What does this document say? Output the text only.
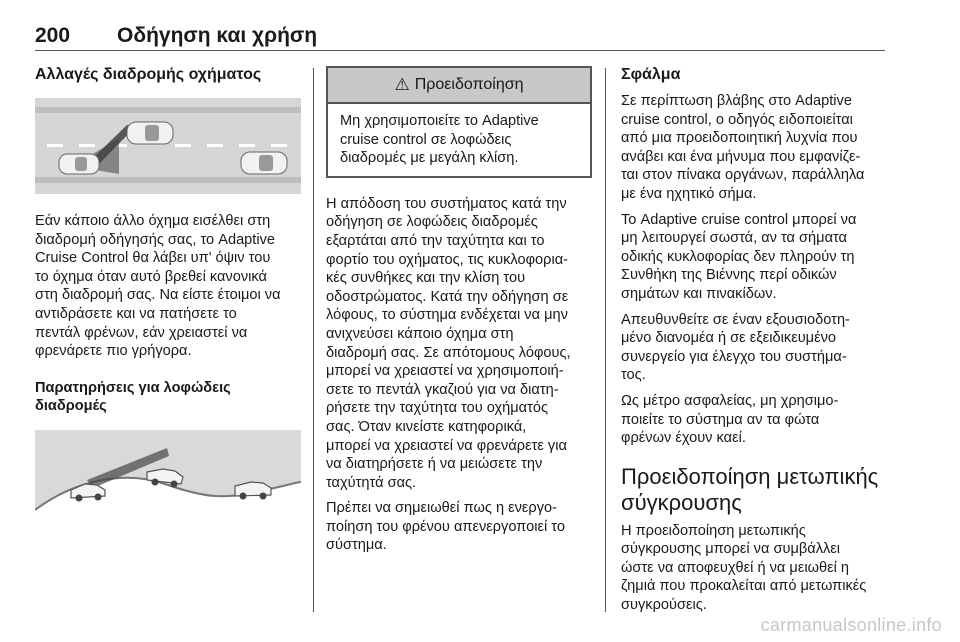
200 Οδήγηση και χρήση
Αλλαγές διαδρομής οχήματος

Εάν κάποιο άλλο όχημα εισέλθει στη
διαδρομή οδήγησής σας, το Adaptive
Cruise Control θα λάβει υπ' όψιν του
το όχημα όταν αυτό βρεθεί κανονικά
στη διαδρομή σας. Να είστε έτοιμοι να
αντιδράσετε και να πατήσετε το
πεντάλ φρένων, εάν χρειαστεί να
φρενάρετε πιο γρήγορα.

Παρατηρήσεις για λοφώδεις
διαδρομές

⚠ Προειδοποίηση
Μη χρησιμοποιείτε το Adaptive
cruise control σε λοφώδεις
διαδρομές με μεγάλη κλίση.

Η απόδοση του συστήματος κατά την
οδήγηση σε λοφώδεις διαδρομές
εξαρτάται από την ταχύτητα και το
φορτίο του οχήματος, τις κυκλοφορια-
κές συνθήκες και την κλίση του
οδοστρώματος. Κατά την οδήγηση σε
λόφους, το σύστημα ενδέχεται να μην
ανιχνεύσει κάποιο όχημα στη
διαδρομή σας. Σε απότομους λόφους,
μπορεί να χρειαστεί να χρησιμοποιή-
σετε το πεντάλ γκαζιού για να διατη-
ρήσετε την ταχύτητα του οχήματός
σας. Όταν κινείστε κατηφορικά,
μπορεί να χρειαστεί να φρενάρετε για
να διατηρήσετε ή να μειώσετε την
ταχύτητά σας.

Πρέπει να σημειωθεί πως η ενεργο-
ποίηση του φρένου απενεργοποιεί το
σύστημα.

Σφάλμα

Σε περίπτωση βλάβης στο Adaptive
cruise control, ο οδηγός ειδοποιείται
από μια προειδοποιητική λυχνία που
ανάβει και ένα μήνυμα που εμφανίζε-
ται στον πίνακα οργάνων, παράλληλα
με ένα ηχητικό σήμα.

Το Adaptive cruise control μπορεί να
μη λειτουργεί σωστά, αν τα σήματα
οδικής κυκλοφορίας δεν πληρούν τη
Συνθήκη της Βιέννης περί οδικών
σημάτων και πινακίδων.

Απευθυνθείτε σε έναν εξουσιοδοτη-
μένο διανομέα ή σε εξειδικευμένο
συνεργείο για έλεγχο του συστήμα-
τος.

Ως μέτρο ασφαλείας, μη χρησιμο-
ποιείτε το σύστημα αν τα φώτα
φρένων έχουν καεί.

Προειδοποίηση μετωπικής
σύγκρουσης

Η προειδοποίηση μετωπικής
σύγκρουσης μπορεί να συμβάλλει
ώστε να αποφευχθεί ή να μειωθεί η
ζημιά που προκαλείται από μετωπικές
συγκρούσεις.

carmanualsonline.info
